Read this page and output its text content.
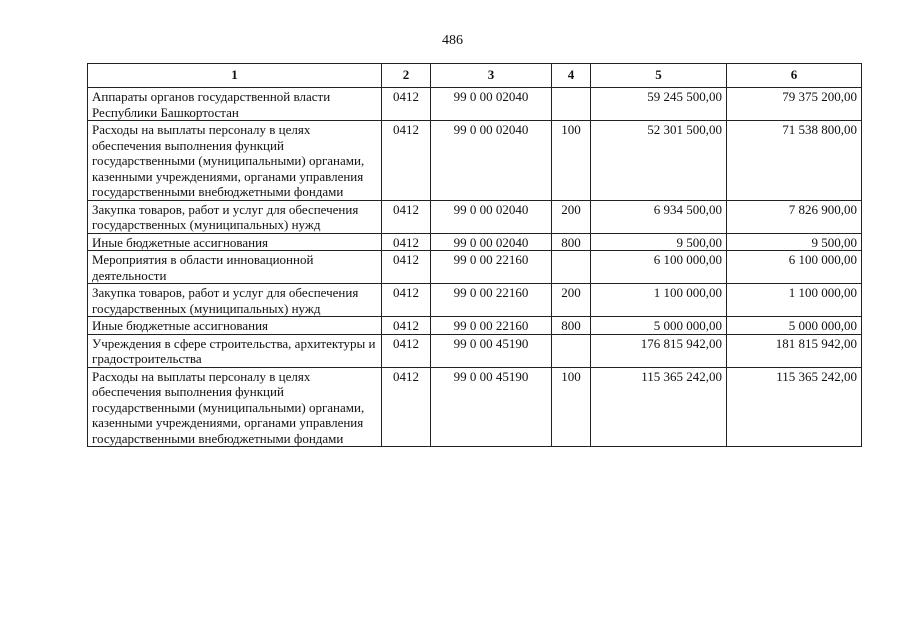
486
1	2	3	4	5	6
Аппараты органов государственной власти Республики Башкортостан	0412	99 0 00 02040		59 245 500,00	79 375 200,00
Расходы на выплаты персоналу в целях обеспечения выполнения функций государственными (муниципальными) органами, казенными учреждениями, органами управления государственными внебюджетными фондами	0412	99 0 00 02040	100	52 301 500,00	71 538 800,00
Закупка товаров, работ и услуг для обеспечения государственных (муниципальных) нужд	0412	99 0 00 02040	200	6 934 500,00	7 826 900,00
Иные бюджетные ассигнования	0412	99 0 00 02040	800	9 500,00	9 500,00
Мероприятия в области инновационной деятельности	0412	99 0 00 22160		6 100 000,00	6 100 000,00
Закупка товаров, работ и услуг для обеспечения государственных (муниципальных) нужд	0412	99 0 00 22160	200	1 100 000,00	1 100 000,00
Иные бюджетные ассигнования	0412	99 0 00 22160	800	5 000 000,00	5 000 000,00
Учреждения в сфере строительства, архитектуры и градостроительства	0412	99 0 00 45190		176 815 942,00	181 815 942,00
Расходы на выплаты персоналу в целях обеспечения выполнения функций государственными (муниципальными) органами, казенными учреждениями, органами управления государственными внебюджетными фондами	0412	99 0 00 45190	100	115 365 242,00	115 365 242,00
